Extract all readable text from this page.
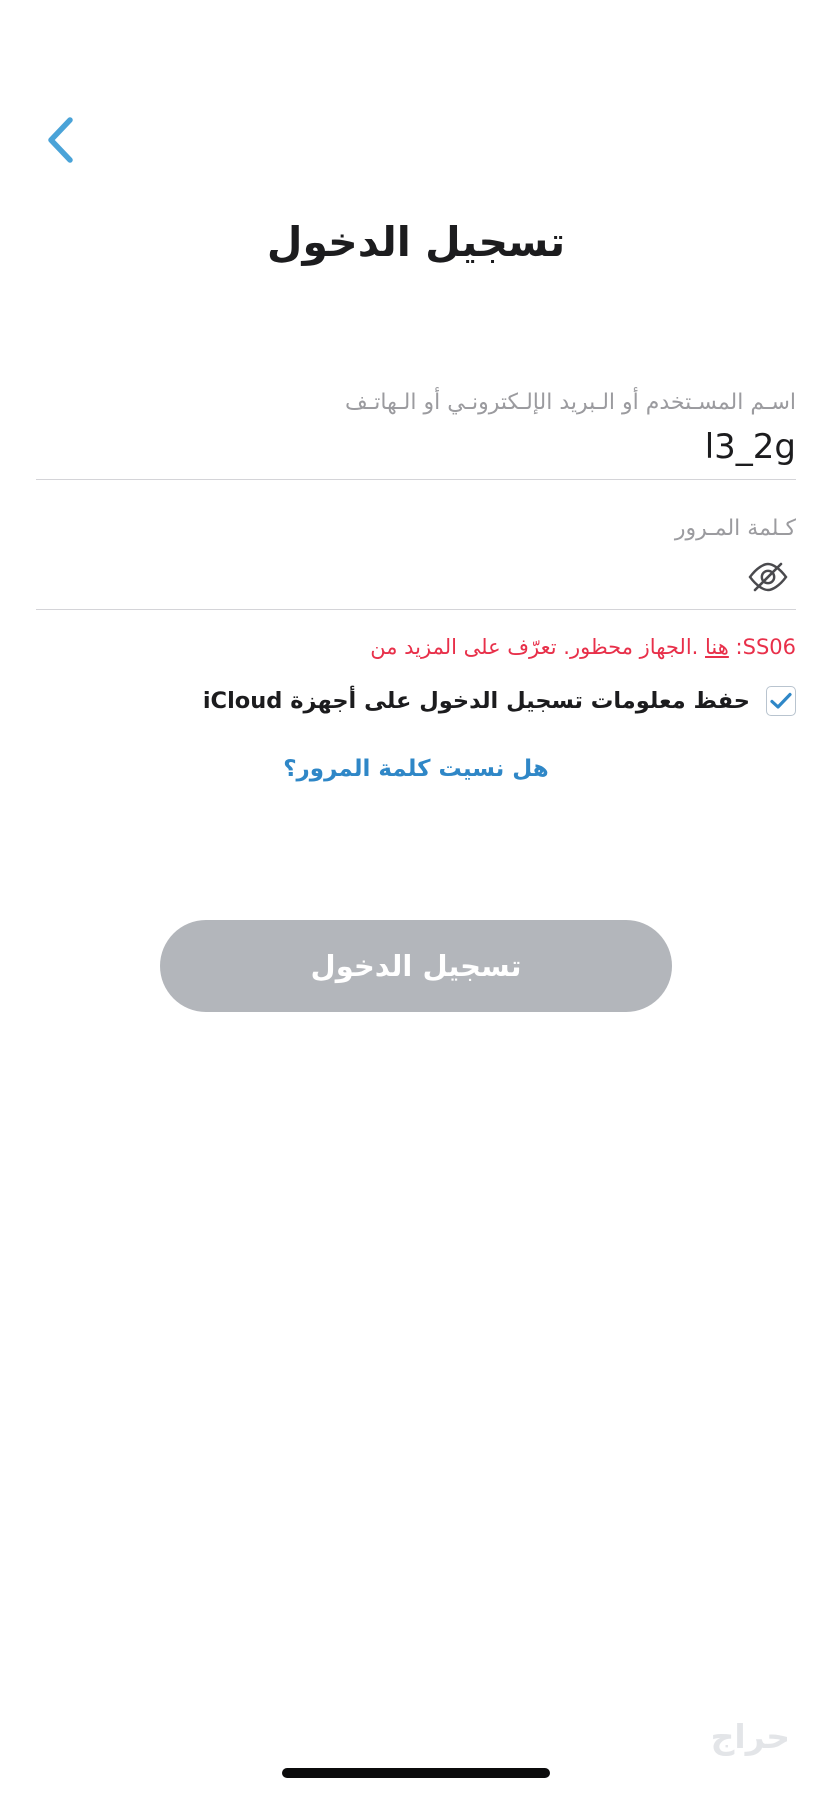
تسجيل الدخول
اسـم المسـتخدم أو الـبريد الإلـكترونـي أو الـهاتـف
l3_2g
كـلمة المـرور
SS06: هنا .الجهاز محظور. تعرّف على المزيد من
حفظ معلومات تسجيل الدخول على أجهزة iCloud
هل نسيت كلمة المرور؟
تسجيل الدخول
حراج
